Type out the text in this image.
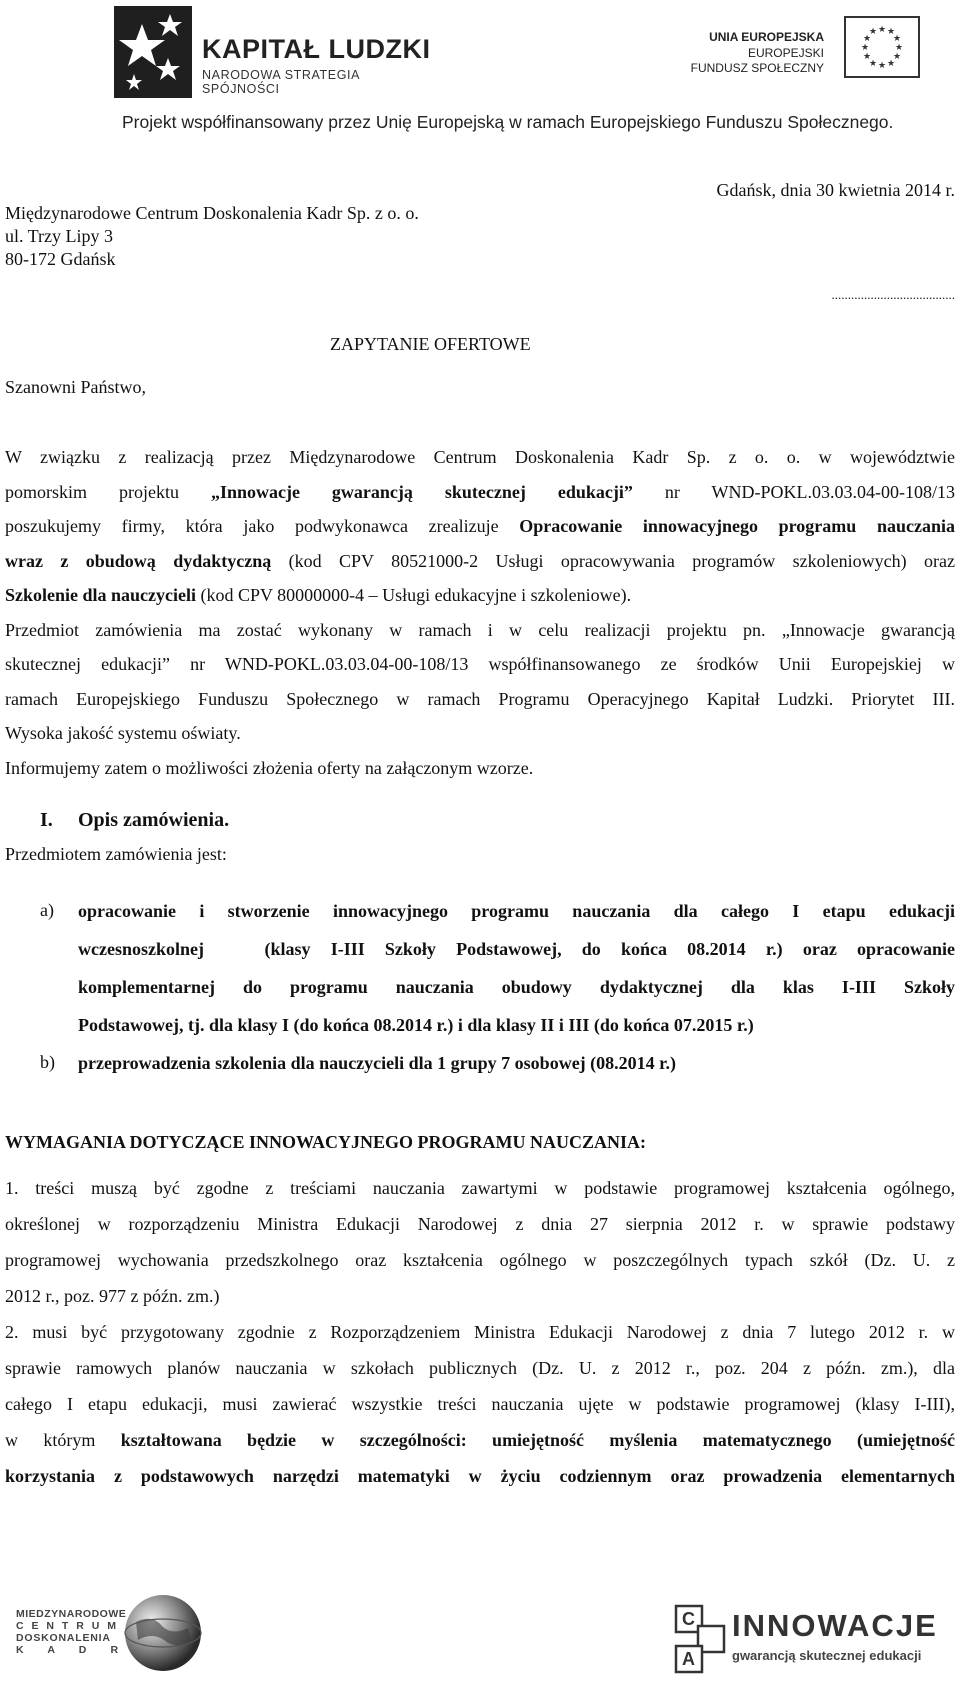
KAPITAŁ LUDZKI
NARODOWA STRATEGIA SPÓJNOŚCI
UNIA EUROPEJSKA
EUROPEJSKI
FUNDUSZ SPOŁECZNY
★ ★
★
★
★
★
★
★
★
★
★
★
Projekt współfinansowany przez Unię Europejską w ramach Europejskiego Funduszu Społecznego.
Międzynarodowe Centrum Doskonalenia Kadr Sp. z o. o.
ul. Trzy Lipy 3
80-172 Gdańsk
Gdańsk, dnia 30 kwietnia 2014 r.
......................................
ZAPYTANIE OFERTOWE
Szanowni Państwo,
W związku z realizacją przez Międzynarodowe Centrum Doskonalenia Kadr Sp. z o. o. w województwie
pomorskim projektu „Innowacje gwarancją skutecznej edukacji” nr WND-POKL.03.03.04-00-108/13
poszukujemy firmy, która jako podwykonawca zrealizuje Opracowanie innowacyjnego programu nauczania
wraz z obudową dydaktyczną (kod CPV 80521000-2 Usługi opracowywania programów szkoleniowych) oraz
Szkolenie dla nauczycieli (kod CPV 80000000-4 – Usługi edukacyjne i szkoleniowe).
Przedmiot zamówienia ma zostać wykonany w ramach i w celu realizacji projektu pn. „Innowacje gwarancją
skutecznej edukacji” nr WND-POKL.03.03.04-00-108/13 współfinansowanego ze środków Unii Europejskiej w
ramach Europejskiego Funduszu Społecznego w ramach Programu Operacyjnego Kapitał Ludzki. Priorytet III.
Wysoka jakość systemu oświaty.
Informujemy zatem o możliwości złożenia oferty na załączonym wzorze.
I. Opis zamówienia.
Przedmiotem zamówienia jest:
a) opracowanie i stworzenie innowacyjnego programu nauczania dla całego I etapu edukacji
wczesnoszkolnej   (klasy I-III Szkoły Podstawowej, do końca 08.2014 r.) oraz opracowanie
komplementarnej do programu nauczania obudowy dydaktycznej dla klas I-III Szkoły
Podstawowej, tj. dla klasy I (do końca 08.2014 r.) i dla klasy II i III (do końca 07.2015 r.)
b) przeprowadzenia szkolenia dla nauczycieli dla 1 grupy 7 osobowej (08.2014 r.)
WYMAGANIA DOTYCZĄCE INNOWACYJNEGO PROGRAMU NAUCZANIA:
1. treści muszą być zgodne z treściami nauczania zawartymi w podstawie programowej kształcenia ogólnego,
określonej w rozporządzeniu Ministra Edukacji Narodowej z dnia 27 sierpnia 2012 r. w sprawie podstawy
programowej wychowania przedszkolnego oraz kształcenia ogólnego w poszczególnych typach szkół (Dz. U. z
2012 r., poz. 977 z późn. zm.)
2. musi być przygotowany zgodnie z Rozporządzeniem Ministra Edukacji Narodowej z dnia 7 lutego 2012 r. w
sprawie ramowych planów nauczania w szkołach publicznych (Dz. U. z 2012 r., poz. 204 z późn. zm.), dla
całego I etapu edukacji, musi zawierać wszystkie treści nauczania ujęte w podstawie programowej (klasy I-III),
w którym kształtowana będzie w szczególności: umiejętność myślenia matematycznego (umiejętność
korzystania z podstawowych narzędzi matematyki w życiu codziennym oraz prowadzenia elementarnych
MIEDZYNARODOWE
C E N T R U M
DOSKONALENIA
K    A    D    R
C
A
INNOWACJE
gwarancją skutecznej edukacji
